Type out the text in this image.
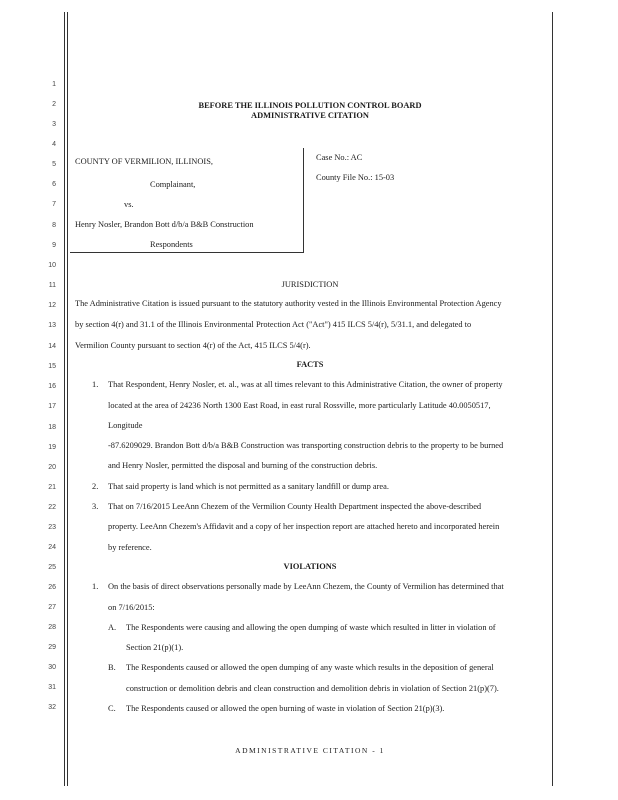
1
2
3
4
5
6
7
8
9
10
11
12
13
14
15
16
17
18
19
20
21
22
23
24
25
26
27
28
29
30
31
32
BEFORE THE ILLINOIS POLLUTION CONTROL BOARD
ADMINISTRATIVE CITATION
COUNTY OF VERMILION, ILLINOIS,
Complainant,
vs.
Henry Nosler, Brandon Bott d/b/a B&B Construction
Respondents
Case No.: AC
County File No.: 15-03
JURISDICTION
The Administrative Citation is issued pursuant to the statutory authority vested in the Illinois Environmental Protection Agency
by section 4(r) and 31.1 of the Illinois Environmental Protection Act ("Act") 415 ILCS 5/4(r), 5/31.1, and delegated to
Vermilion County pursuant to section 4(r) of the Act, 415 ILCS 5/4(r).
FACTS
1. That Respondent, Henry Nosler, et. al., was at all times relevant to this Administrative Citation, the owner of property
located at the area of 24236 North 1300 East Road, in east rural Rossville, more particularly Latitude 40.0050517,
Longitude
-87.6209029. Brandon Bott d/b/a B&B Construction was transporting construction debris to the property to be burned
and Henry Nosler, permitted the disposal and burning of the construction debris.
2. That said property is land which is not permitted as a sanitary landfill or dump area.
3. That on 7/16/2015 LeeAnn Chezem of the Vermilion County Health Department inspected the above-described
property. LeeAnn Chezem's Affidavit and a copy of her inspection report are attached hereto and incorporated herein
by reference.
VIOLATIONS
1. On the basis of direct observations personally made by LeeAnn Chezem, the County of Vermilion has determined that
on 7/16/2015:
A. The Respondents were causing and allowing the open dumping of waste which resulted in litter in violation of
Section 21(p)(1).
B. The Respondents caused or allowed the open dumping of any waste which results in the deposition of general
construction or demolition debris and clean construction and demolition debris in violation of Section 21(p)(7).
C. The Respondents caused or allowed the open burning of waste in violation of Section 21(p)(3).
ADMINISTRATIVE CITATION - 1
